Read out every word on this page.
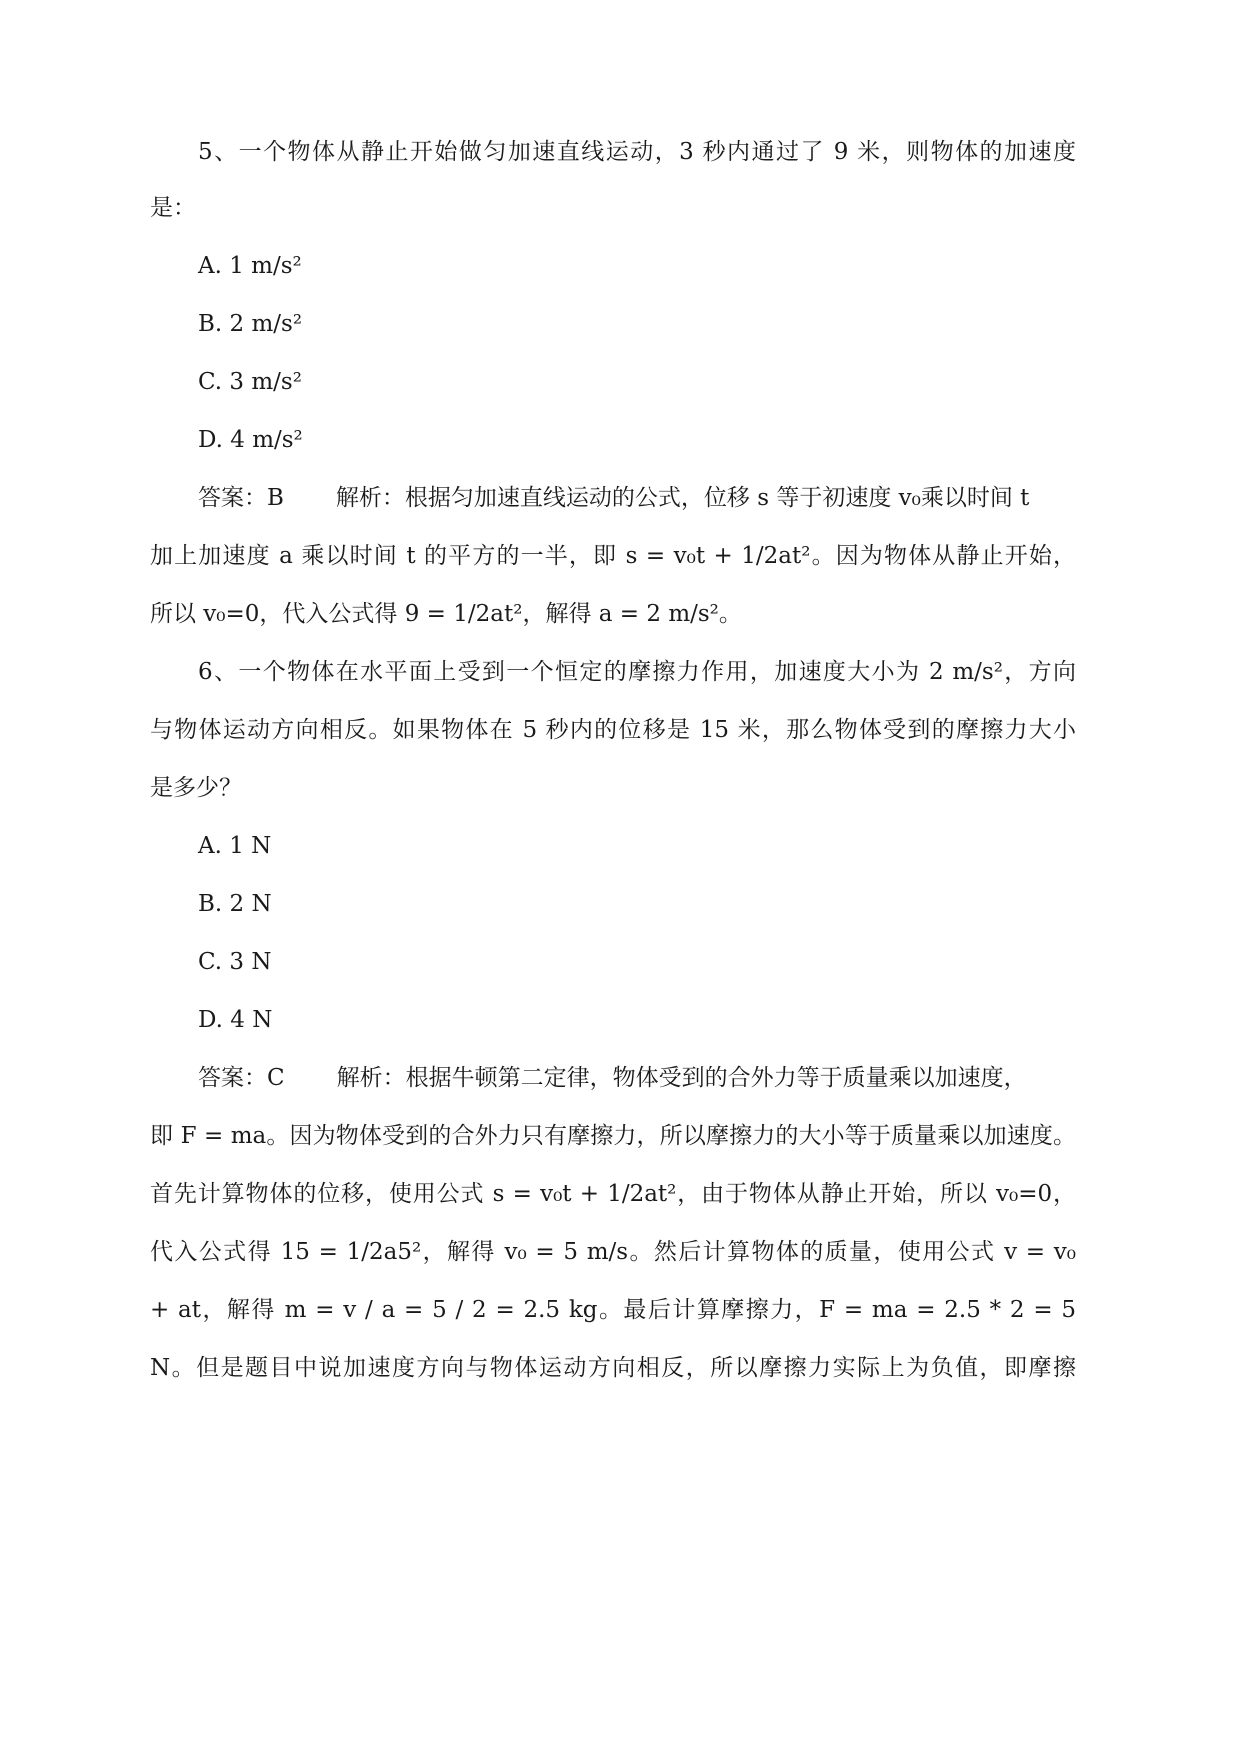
5、一个物体从静止开始做匀加速直线运动，3 秒内通过了 9 米，则物体的加速度
是：
A. 1 m/s²
B. 2 m/s²
C. 3 m/s²
D. 4 m/s²
答案：B 解析：根据匀加速直线运动的公式，位移 s 等于初速度 v₀乘以时间 t
加上加速度 a 乘以时间 t 的平方的一半，即 s = v₀t + 1/2at²。因为物体从静止开始，
所以 v₀=0，代入公式得 9 = 1/2at²，解得 a = 2 m/s²。
6、一个物体在水平面上受到一个恒定的摩擦力作用，加速度大小为 2 m/s²，方向
与物体运动方向相反。如果物体在 5 秒内的位移是 15 米，那么物体受到的摩擦力大小
是多少？
A. 1 N
B. 2 N
C. 3 N
D. 4 N
答案：C 解析：根据牛顿第二定律，物体受到的合外力等于质量乘以加速度，
即 F = ma。因为物体受到的合外力只有摩擦力，所以摩擦力的大小等于质量乘以加速度。
首先计算物体的位移，使用公式 s = v₀t + 1/2at²，由于物体从静止开始，所以 v₀=0，
代入公式得 15 = 1/2a5²，解得 v₀ = 5 m/s。然后计算物体的质量，使用公式 v = v₀
+ at，解得 m = v / a = 5 / 2 = 2.5 kg。最后计算摩擦力，F = ma = 2.5 * 2 = 5
N。但是题目中说加速度方向与物体运动方向相反，所以摩擦力实际上为负值，即摩擦
